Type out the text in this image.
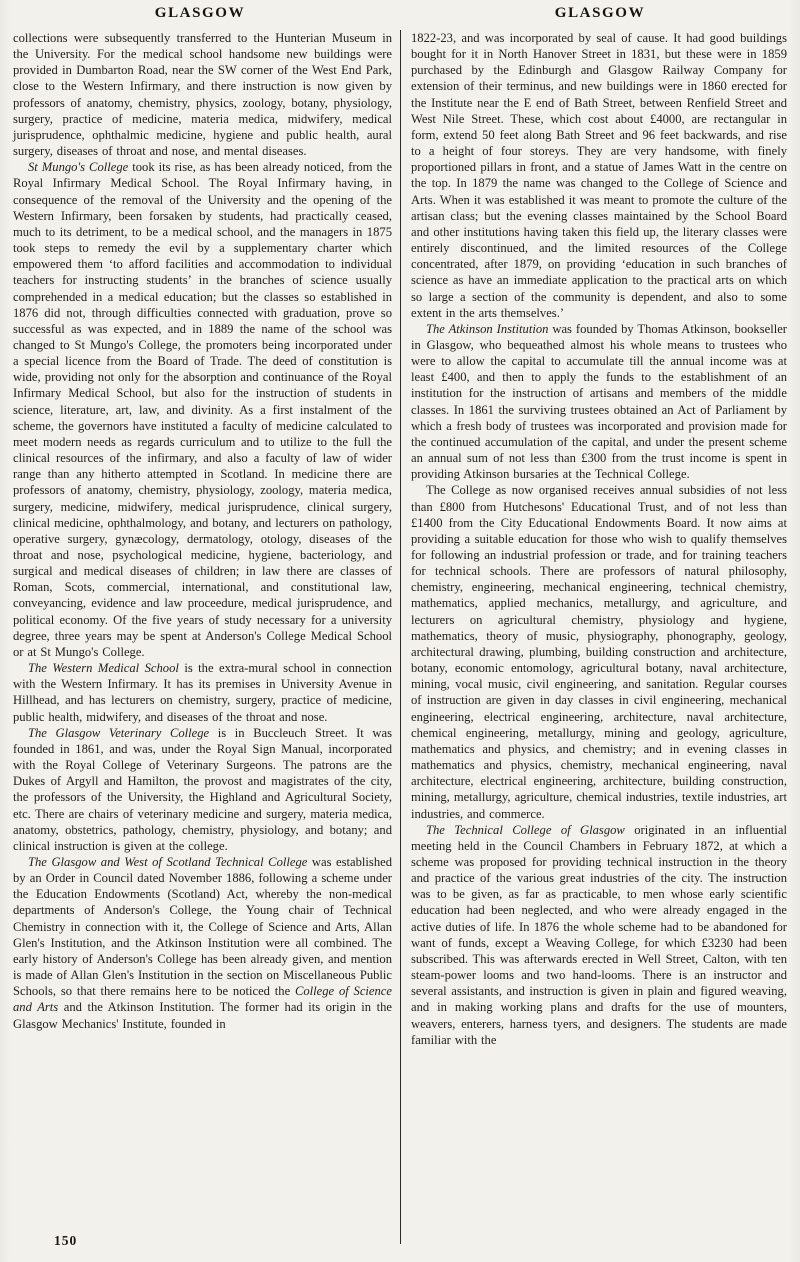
GLASGOW	GLASGOW

collections were subsequently transferred to the Hunterian Museum in the University. For the medical school handsome new buildings were provided in Dumbarton Road, near the SW corner of the West End Park, close to the Western Infirmary, and there instruction is now given by professors of anatomy, chemistry, physics, zoology, botany, physiology, surgery, practice of medicine, materia medica, midwifery, medical jurisprudence, ophthalmic medicine, hygiene and public health, aural surgery, diseases of throat and nose, and mental diseases.

St Mungo's College took its rise, as has been already noticed, from the Royal Infirmary Medical School. The Royal Infirmary having, in consequence of the removal of the University and the opening of the Western Infirmary, been forsaken by students, had practically ceased, much to its detriment, to be a medical school, and the managers in 1875 took steps to remedy the evil by a supplementary charter which empowered them ‘to afford facilities and accommodation to individual teachers for instructing students’ in the branches of science usually comprehended in a medical education; but the classes so established in 1876 did not, through difficulties connected with graduation, prove so successful as was expected, and in 1889 the name of the school was changed to St Mungo's College, the promoters being incorporated under a special licence from the Board of Trade. The deed of constitution is wide, providing not only for the absorption and continuance of the Royal Infirmary Medical School, but also for the instruction of students in science, literature, art, law, and divinity. As a first instalment of the scheme, the governors have instituted a faculty of medicine calculated to meet modern needs as regards curriculum and to utilize to the full the clinical resources of the infirmary, and also a faculty of law of wider range than any hitherto attempted in Scotland. In medicine there are professors of anatomy, chemistry, physiology, zoology, materia medica, surgery, medicine, midwifery, medical jurisprudence, clinical surgery, clinical medicine, ophthalmology, and botany, and lecturers on pathology, operative surgery, gynæcology, dermatology, otology, diseases of the throat and nose, psychological medicine, hygiene, bacteriology, and surgical and medical diseases of children; in law there are classes of Roman, Scots, commercial, international, and constitutional law, conveyancing, evidence and law proceedure, medical jurisprudence, and political economy. Of the five years of study necessary for a university degree, three years may be spent at Anderson's College Medical School or at St Mungo's College.

The Western Medical School is the extra-mural school in connection with the Western Infirmary. It has its premises in University Avenue in Hillhead, and has lecturers on chemistry, surgery, practice of medicine, public health, midwifery, and diseases of the throat and nose.

The Glasgow Veterinary College is in Buccleuch Street. It was founded in 1861, and was, under the Royal Sign Manual, incorporated with the Royal College of Veterinary Surgeons. The patrons are the Dukes of Argyll and Hamilton, the provost and magistrates of the city, the professors of the University, the Highland and Agricultural Society, etc. There are chairs of veterinary medicine and surgery, materia medica, anatomy, obstetrics, pathology, chemistry, physiology, and botany; and clinical instruction is given at the college.

The Glasgow and West of Scotland Technical College was established by an Order in Council dated November 1886, following a scheme under the Education Endowments (Scotland) Act, whereby the non-medical departments of Anderson's College, the Young chair of Technical Chemistry in connection with it, the College of Science and Arts, Allan Glen's Institution, and the Atkinson Institution were all combined. The early history of Anderson's College has been already given, and mention is made of Allan Glen's Institution in the section on Miscellaneous Public Schools, so that there remains here to be noticed the College of Science and Arts and the Atkinson Institution. The former had its origin in the Glasgow Mechanics' Institute, founded in

1822-23, and was incorporated by seal of cause. It had good buildings bought for it in North Hanover Street in 1831, but these were in 1859 purchased by the Edinburgh and Glasgow Railway Company for extension of their terminus, and new buildings were in 1860 erected for the Institute near the E end of Bath Street, between Renfield Street and West Nile Street. These, which cost about £4000, are rectangular in form, extend 50 feet along Bath Street and 96 feet backwards, and rise to a height of four storeys. They are very handsome, with finely proportioned pillars in front, and a statue of James Watt in the centre on the top. In 1879 the name was changed to the College of Science and Arts. When it was established it was meant to promote the culture of the artisan class; but the evening classes maintained by the School Board and other institutions having taken this field up, the literary classes were entirely discontinued, and the limited resources of the College concentrated, after 1879, on providing ‘education in such branches of science as have an immediate application to the practical arts on which so large a section of the community is dependent, and also to some extent in the arts themselves.’

The Atkinson Institution was founded by Thomas Atkinson, bookseller in Glasgow, who bequeathed almost his whole means to trustees who were to allow the capital to accumulate till the annual income was at least £400, and then to apply the funds to the establishment of an institution for the instruction of artisans and members of the middle classes. In 1861 the surviving trustees obtained an Act of Parliament by which a fresh body of trustees was incorporated and provision made for the continued accumulation of the capital, and under the present scheme an annual sum of not less than £300 from the trust income is spent in providing Atkinson bursaries at the Technical College.

The College as now organised receives annual subsidies of not less than £800 from Hutchesons' Educational Trust, and of not less than £1400 from the City Educational Endowments Board. It now aims at providing a suitable education for those who wish to qualify themselves for following an industrial profession or trade, and for training teachers for technical schools. There are professors of natural philosophy, chemistry, engineering, mechanical engineering, technical chemistry, mathematics, applied mechanics, metallurgy, and agriculture, and lecturers on agricultural chemistry, physiology and hygiene, mathematics, theory of music, physiography, phonography, geology, architectural drawing, plumbing, building construction and architecture, botany, economic entomology, agricultural botany, naval architecture, mining, vocal music, civil engineering, and sanitation. Regular courses of instruction are given in day classes in civil engineering, mechanical engineering, electrical engineering, architecture, naval architecture, chemical engineering, metallurgy, mining and geology, agriculture, mathematics and physics, and chemistry; and in evening classes in mathematics and physics, chemistry, mechanical engineering, naval architecture, electrical engineering, architecture, building construction, mining, metallurgy, agriculture, chemical industries, textile industries, art industries, and commerce.

The Technical College of Glasgow originated in an influential meeting held in the Council Chambers in February 1872, at which a scheme was proposed for providing technical instruction in the theory and practice of the various great industries of the city. The instruction was to be given, as far as practicable, to men whose early scientific education had been neglected, and who were already engaged in the active duties of life. In 1876 the whole scheme had to be abandoned for want of funds, except a Weaving College, for which £3230 had been subscribed. This was afterwards erected in Well Street, Calton, with ten steam-power looms and two hand-looms. There is an instructor and several assistants, and instruction is given in plain and figured weaving, and in making working plans and drafts for the use of mounters, weavers, enterers, harness tyers, and designers. The students are made familiar with the

150
